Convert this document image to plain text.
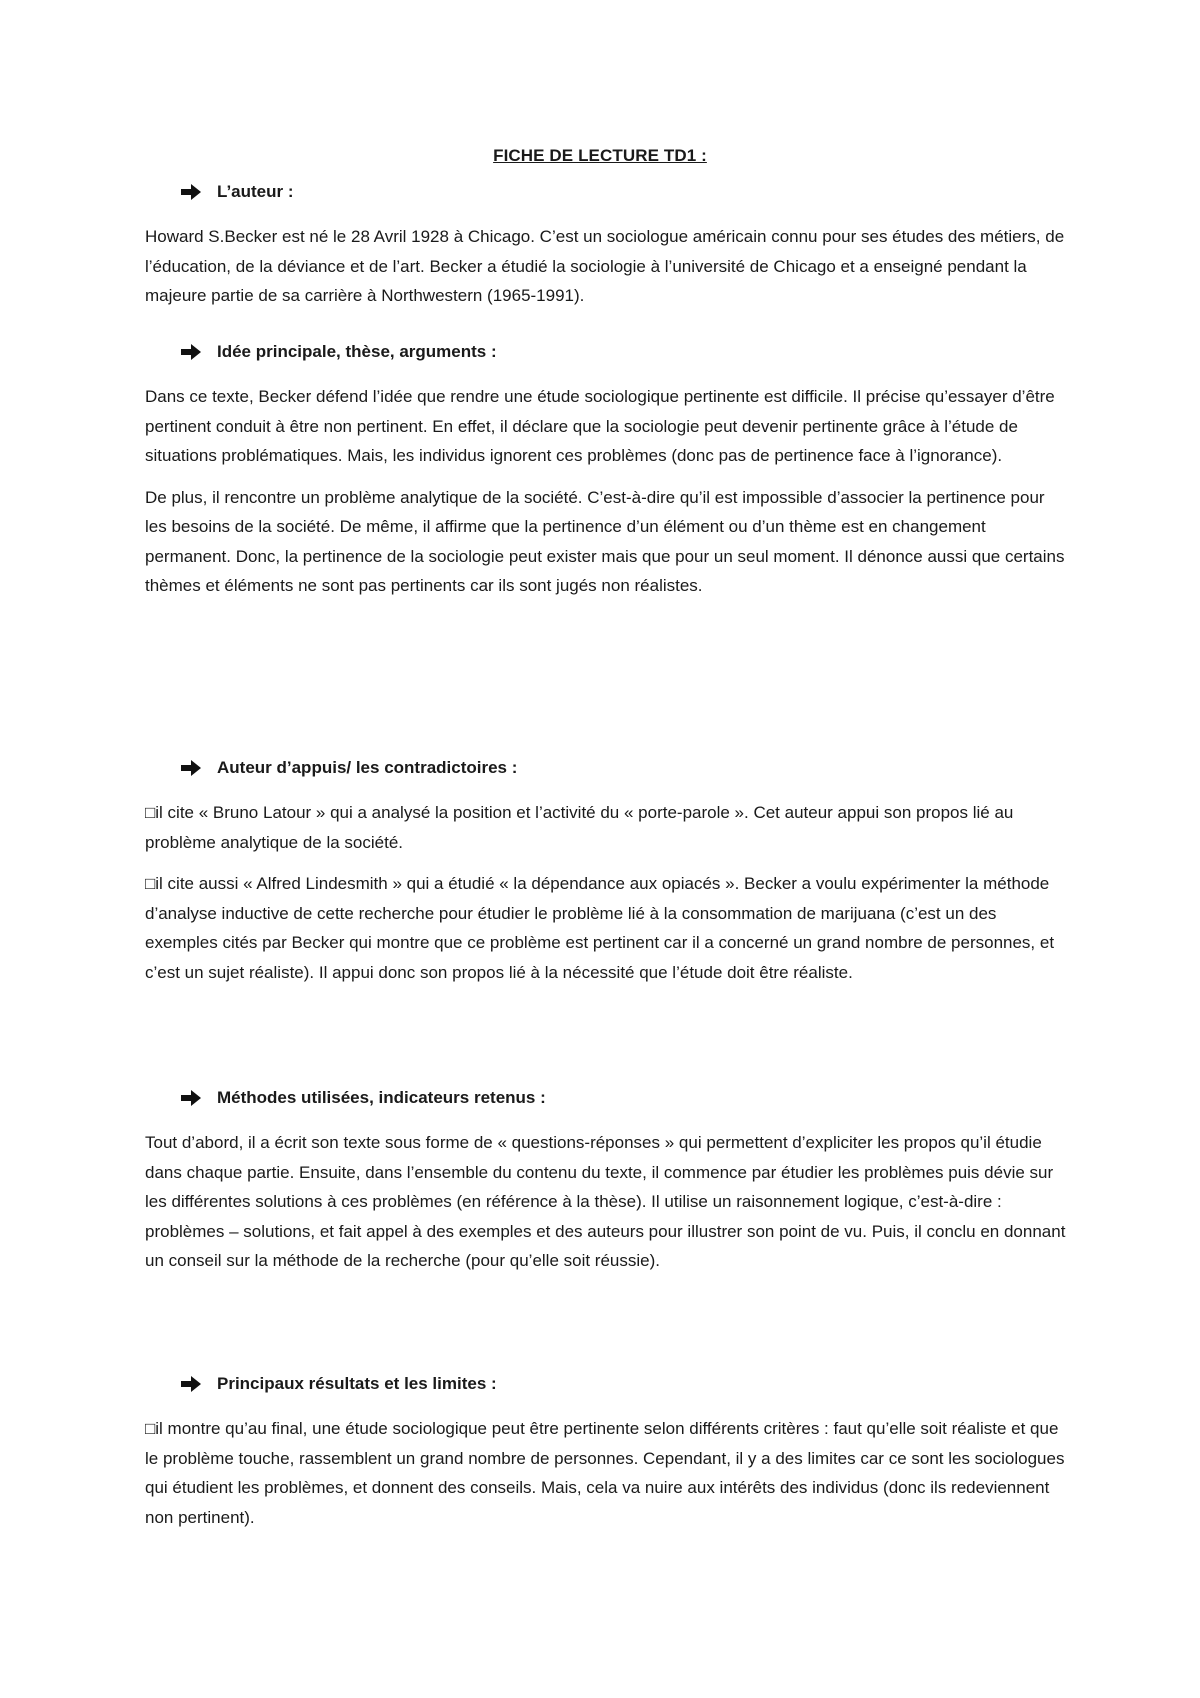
FICHE DE LECTURE TD1 :
L’auteur :

Howard S.Becker est né le 28 Avril 1928 à Chicago. C’est un sociologue américain connu pour ses études des métiers, de l’éducation, de la déviance et de l’art. Becker a étudié la sociologie à l’université de Chicago et a enseigné pendant la majeure partie de sa carrière à Northwestern (1965-1991).

Idée principale, thèse, arguments :

Dans ce texte, Becker défend l’idée que rendre une étude sociologique pertinente est difficile. Il précise qu’essayer d’être pertinent conduit à être non pertinent. En effet, il déclare que la sociologie peut devenir pertinente grâce à l’étude de situations problématiques. Mais, les individus ignorent ces problèmes (donc pas de pertinence face à l’ignorance).

De plus, il rencontre un problème analytique de la société. C’est-à-dire qu’il est impossible d’associer la pertinence pour les besoins de la société. De même, il affirme que la pertinence d’un élément ou d’un thème est en changement permanent. Donc, la pertinence de la sociologie peut exister mais que pour un seul moment. Il dénonce aussi que certains thèmes et éléments ne sont pas pertinents car ils sont jugés non réalistes.

Auteur d’appuis/ les contradictoires :

□il cite « Bruno Latour » qui a analysé la position et l’activité du « porte-parole ». Cet auteur appui son propos lié au problème analytique de la société.

□il cite aussi « Alfred Lindesmith » qui a étudié « la dépendance aux opiacés ». Becker a voulu expérimenter la méthode d’analyse inductive de cette recherche pour étudier le problème lié à la consommation de marijuana (c’est un des exemples cités par Becker qui montre que ce problème est pertinent car il a concerné un grand nombre de personnes, et c’est un sujet réaliste). Il appui donc son propos lié à la nécessité que l’étude doit être réaliste.

Méthodes utilisées, indicateurs retenus :

Tout d’abord, il a écrit son texte sous forme de « questions-réponses » qui permettent d’expliciter les propos qu’il étudie dans chaque partie. Ensuite, dans l’ensemble du contenu du texte, il commence par étudier les problèmes puis dévie sur les différentes solutions à ces problèmes (en référence à la thèse). Il utilise un raisonnement logique, c’est-à-dire : problèmes – solutions, et fait appel à des exemples et des auteurs pour illustrer son point de vu. Puis, il conclu en donnant un conseil sur la méthode de la recherche (pour qu’elle soit réussie).

Principaux résultats et les limites :

□il montre qu’au final, une étude sociologique peut être pertinente selon différents critères : faut qu’elle soit réaliste et que le problème touche, rassemblent un grand nombre de personnes. Cependant, il y a des limites car ce sont les sociologues qui étudient les problèmes, et donnent des conseils. Mais, cela va nuire aux intérêts des individus (donc ils redeviennent non pertinent).
